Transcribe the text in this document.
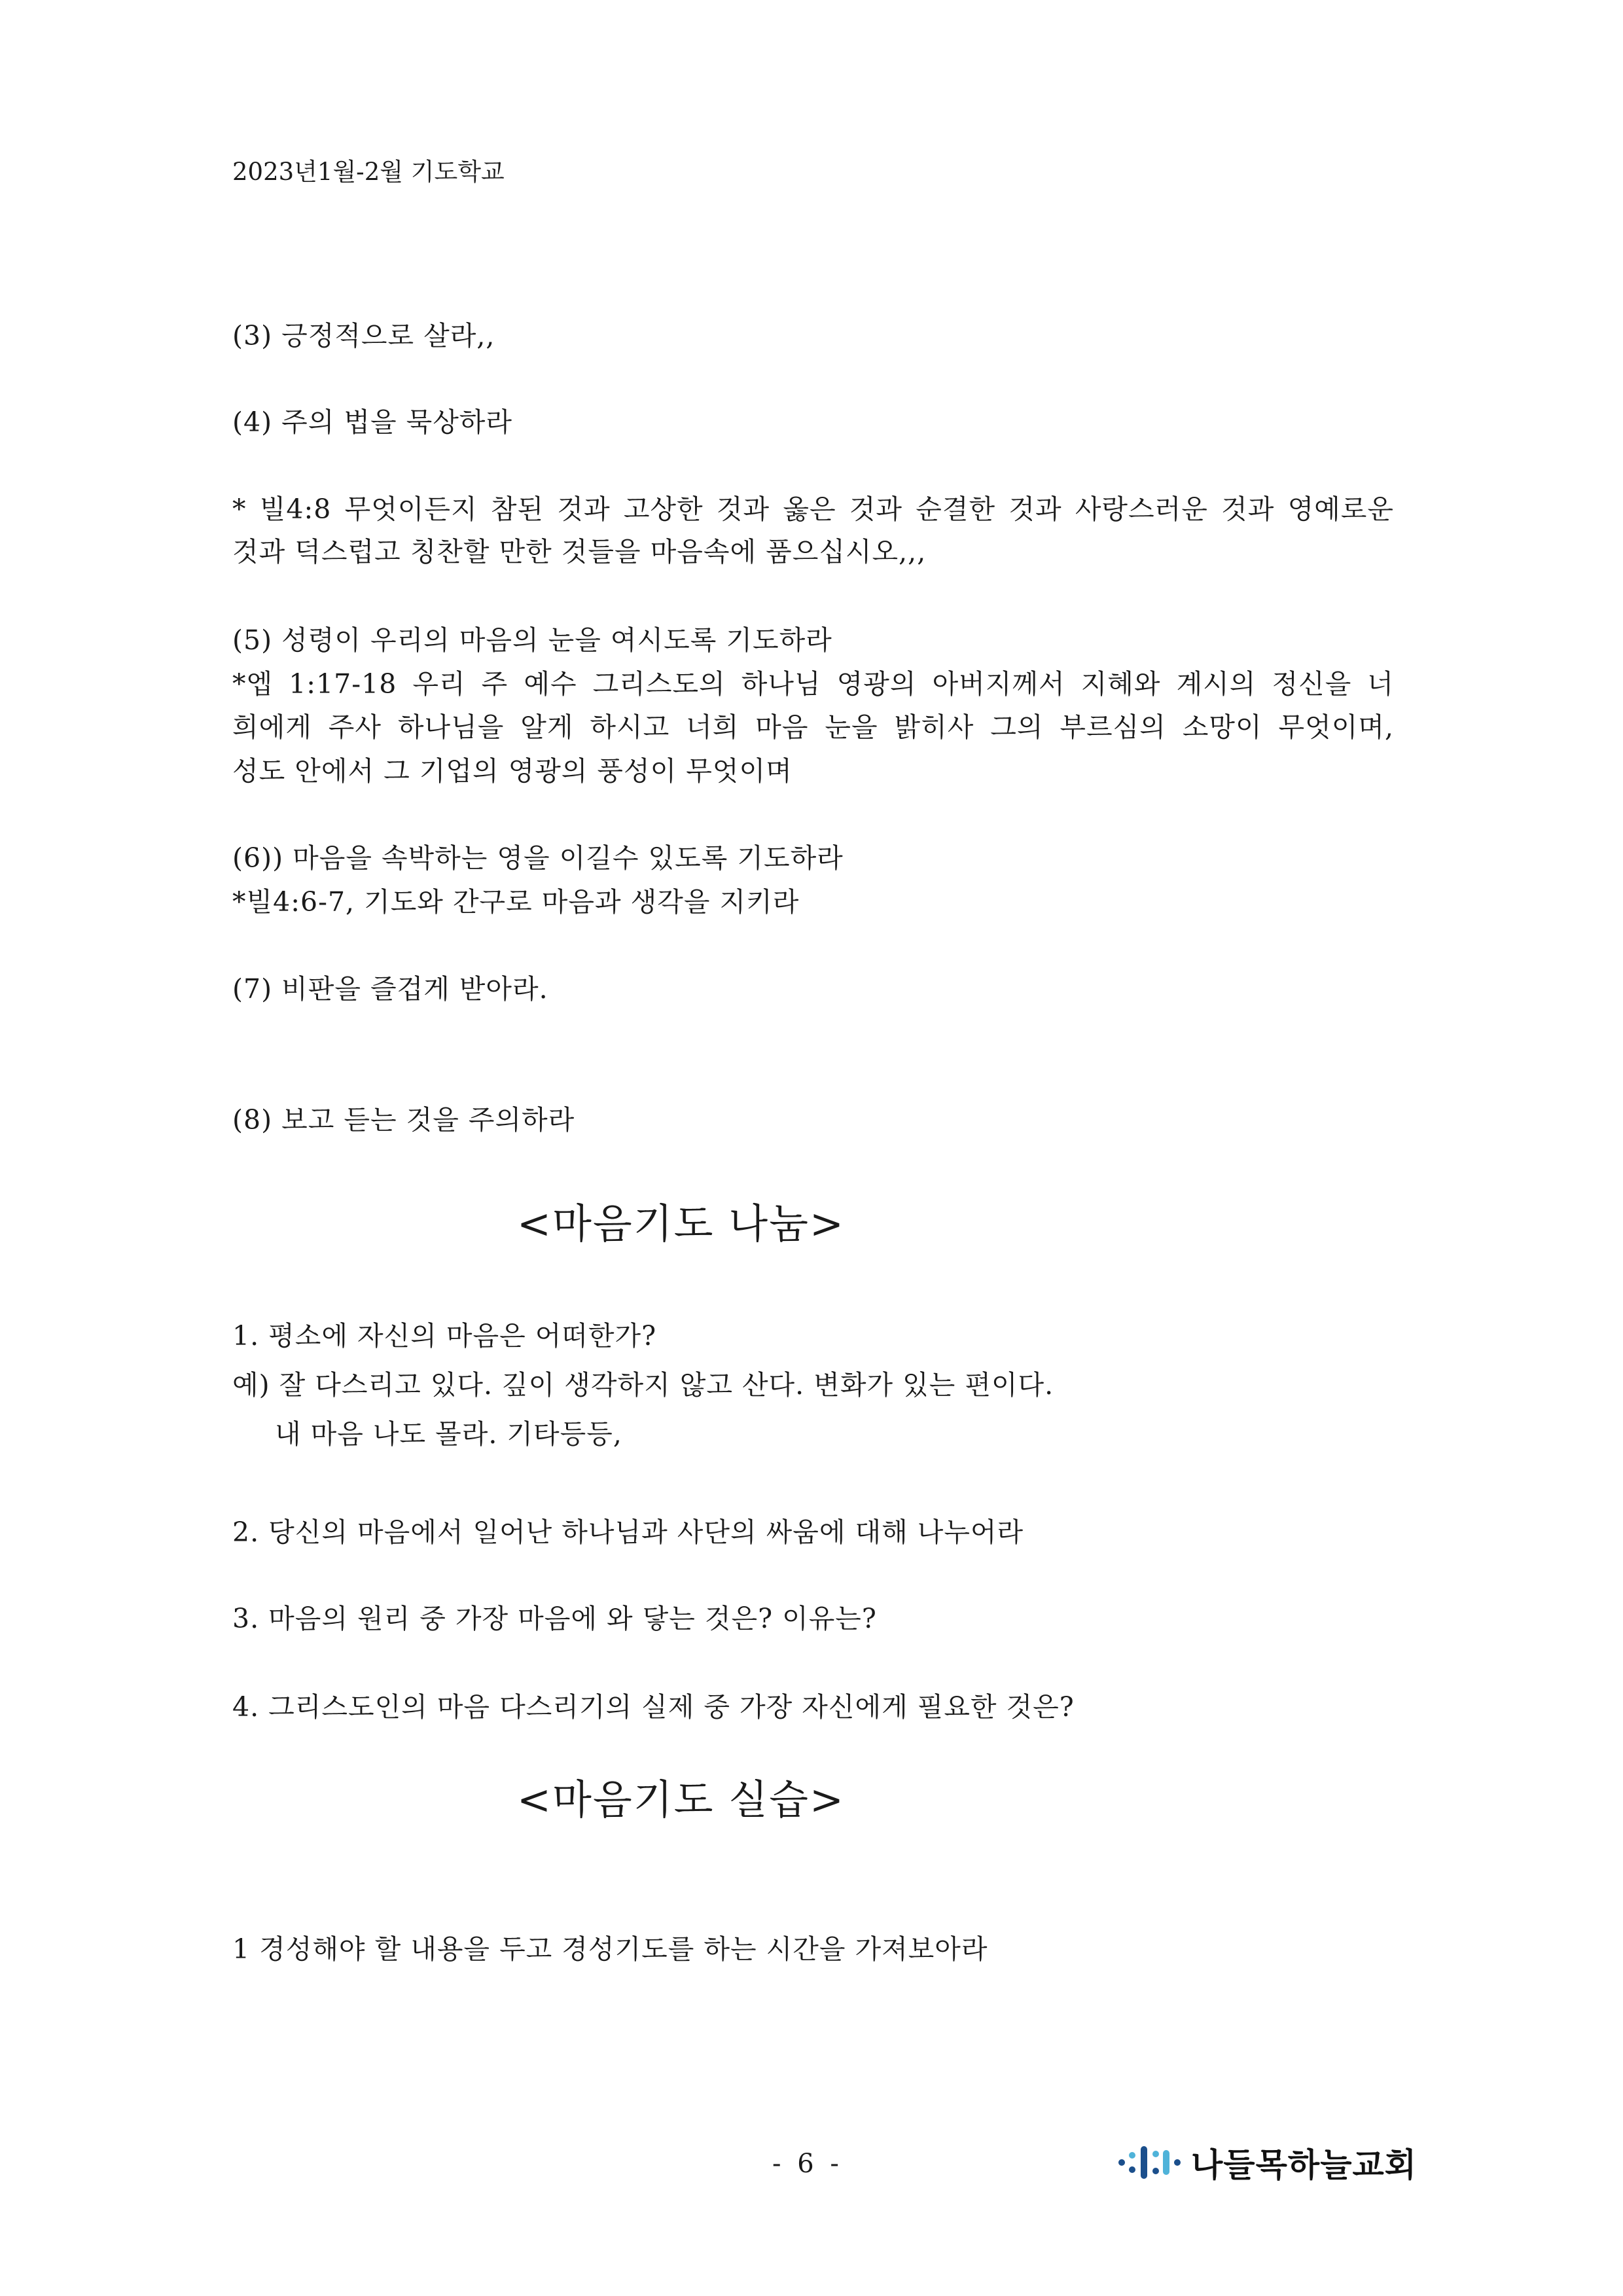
2023년1월-2월 기도학교
(3) 긍정적으로 살라,,
(4) 주의 법을 묵상하라
* 빌4:8 무엇이든지 참된 것과 고상한 것과 옳은 것과 순결한 것과 사랑스러운 것과 영예로운
것과 덕스럽고 칭찬할 만한 것들을 마음속에 품으십시오,,,
(5) 성령이 우리의 마음의 눈을 여시도록 기도하라
*엡 1:17-18 우리 주 예수 그리스도의 하나님 영광의 아버지께서 지혜와 계시의 정신을 너
희에게 주사 하나님을 알게 하시고 너희 마음 눈을 밝히사 그의 부르심의 소망이 무엇이며,
성도 안에서 그 기업의 영광의 풍성이 무엇이며
(6)) 마음을 속박하는 영을 이길수 있도록 기도하라
*빌4:6-7, 기도와 간구로 마음과 생각을 지키라
(7) 비판을 즐겁게 받아라.
(8) 보고 듣는 것을 주의하라
<마음기도 나눔>
1. 평소에 자신의 마음은 어떠한가?
예) 잘 다스리고 있다. 깊이 생각하지 않고 산다. 변화가 있는 편이다.
내 마음 나도 몰라. 기타등등,
2. 당신의 마음에서 일어난 하나님과 사단의 싸움에 대해 나누어라
3. 마음의 원리 중 가장 마음에 와 닿는 것은? 이유는?
4. 그리스도인의 마음 다스리기의 실제 중 가장 자신에게 필요한 것은?
<마음기도 실습>
1 경성해야 할 내용을 두고 경성기도를 하는 시간을 가져보아라
- 6 -	나들목하늘교회
